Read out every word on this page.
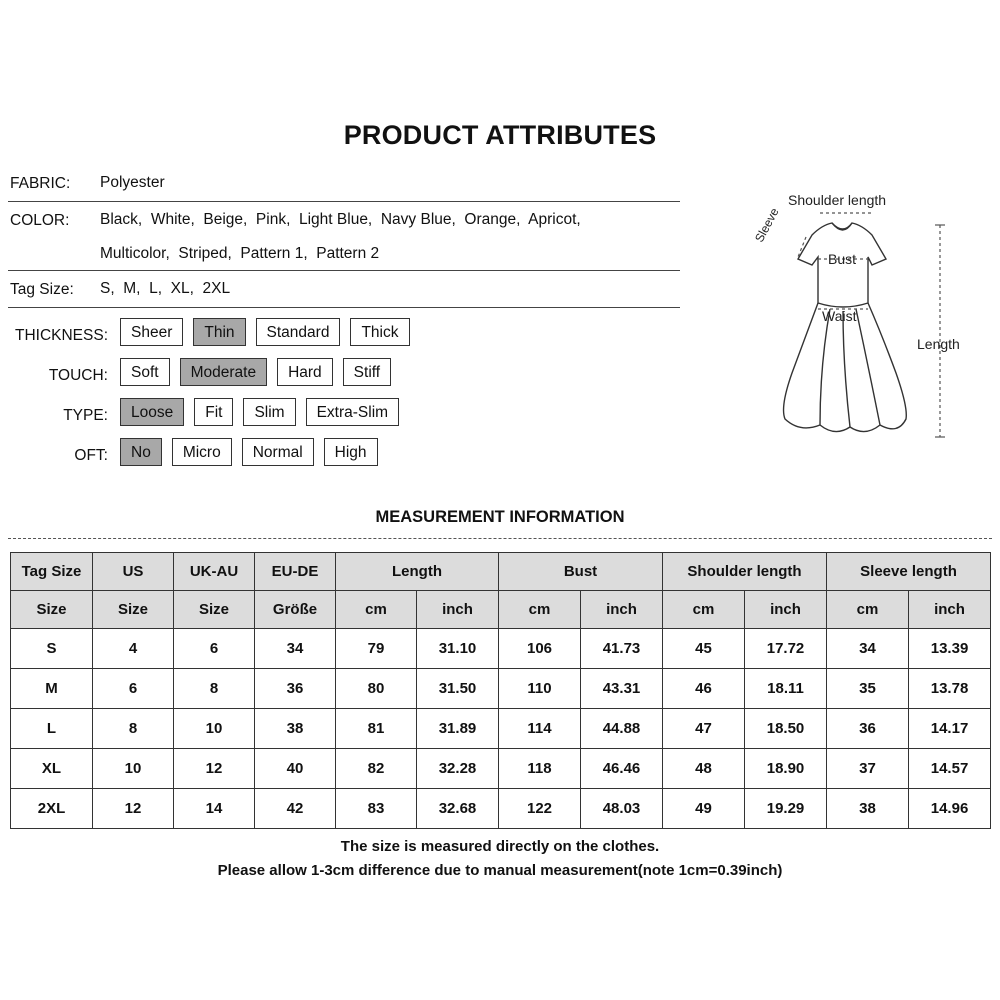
PRODUCT ATTRIBUTES
FABRIC: Polyester
COLOR: Black,  White,  Beige,  Pink,  Light Blue,  Navy Blue,  Orange,  Apricot,
Multicolor,  Striped,  Pattern 1,  Pattern 2
Tag Size: S,  M,  L,  XL,  2XL
THICKNESS:	Sheer	Thin	Standard	Thick
TOUCH:	Soft	Moderate	Hard	Stiff
TYPE:	Loose	Fit	Slim	Extra-Slim
OFT:	No	Micro	Normal	High
Shoulder length
Sleeve
Bust
Waist
Length
MEASUREMENT INFORMATION
Tag Size	US	UK-AU	EU-DE	Length		Bust		Shoulder length		Sleeve length	
Size	Size	Size	Größe	cm	inch	cm	inch	cm	inch	cm	inch
S	4	6	34	79	31.10	106	41.73	45	17.72	34	13.39
M	6	8	36	80	31.50	110	43.31	46	18.11	35	13.78
L	8	10	38	81	31.89	114	44.88	47	18.50	36	14.17
XL	10	12	40	82	32.28	118	46.46	48	18.90	37	14.57
2XL	12	14	42	83	32.68	122	48.03	49	19.29	38	14.96
The size is measured directly on the clothes.
Please allow 1-3cm difference due to manual measurement(note 1cm=0.39inch)
